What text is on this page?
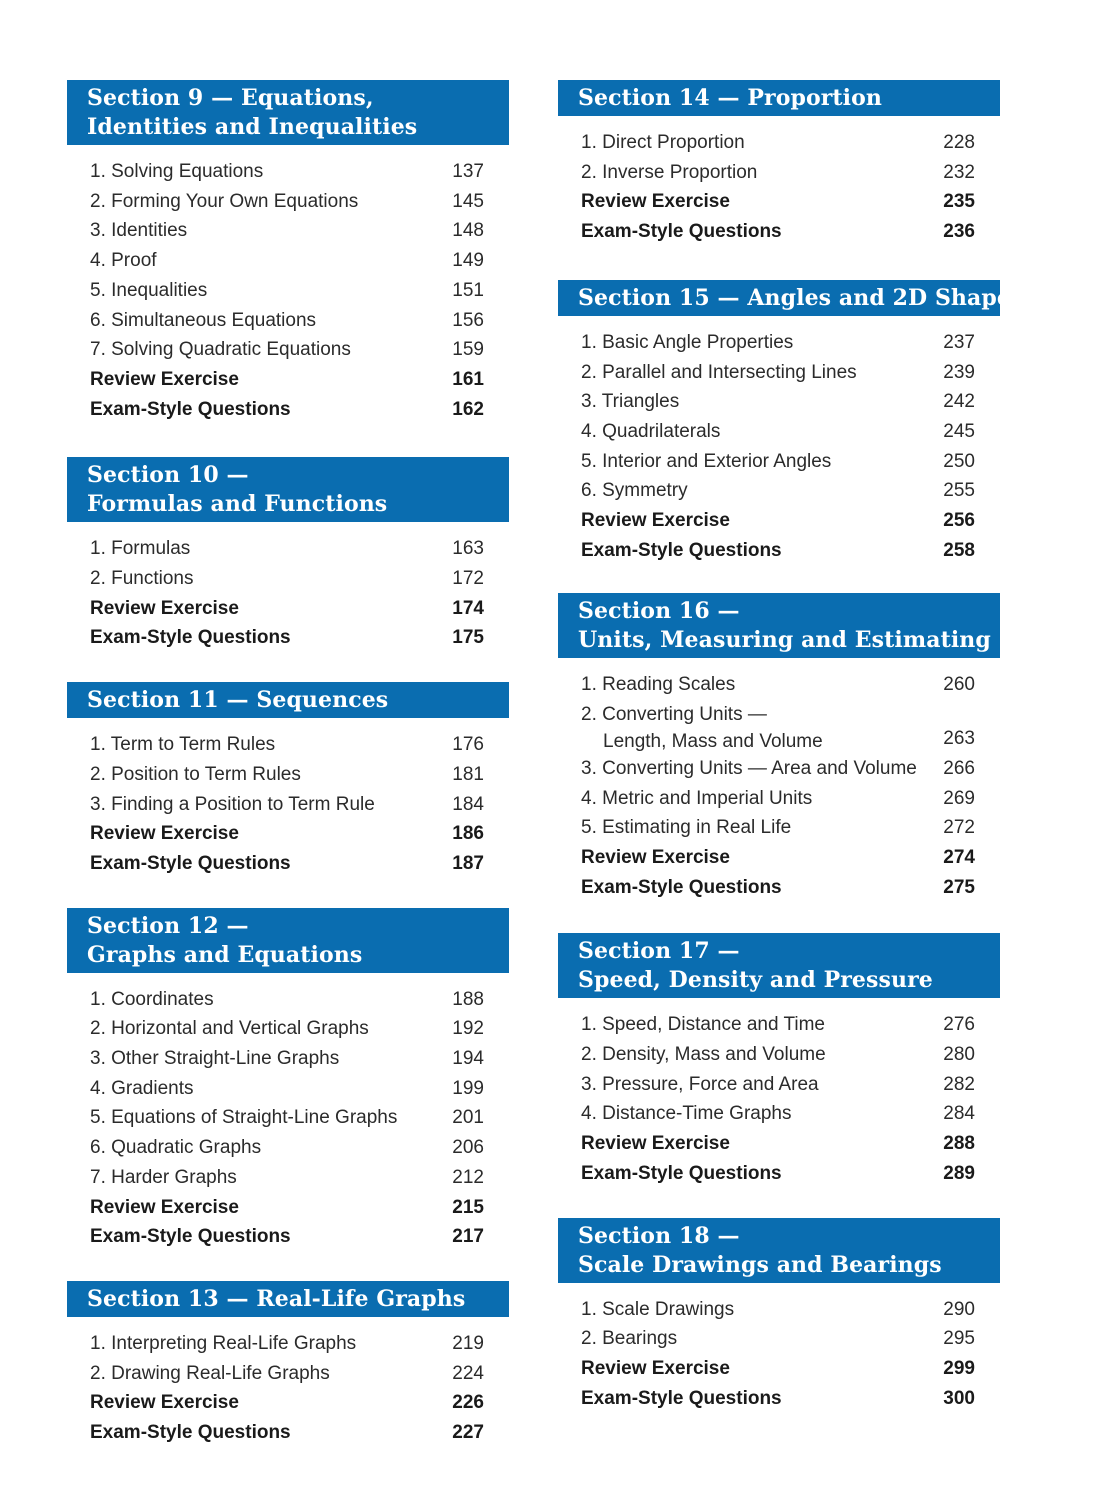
Section 9 — Equations,
Identities and Inequalities
1. Solving Equations	137
2. Forming Your Own Equations	145
3. Identities	148
4. Proof	149
5. Inequalities	151
6. Simultaneous Equations	156
7. Solving Quadratic Equations	159
Review Exercise	161
Exam-Style Questions	162
Section 10 —
Formulas and Functions
1. Formulas	163
2. Functions	172
Review Exercise	174
Exam-Style Questions	175
Section 11 — Sequences
1. Term to Term Rules	176
2. Position to Term Rules	181
3. Finding a Position to Term Rule	184
Review Exercise	186
Exam-Style Questions	187
Section 12 —
Graphs and Equations
1. Coordinates	188
2. Horizontal and Vertical Graphs	192
3. Other Straight-Line Graphs	194
4. Gradients	199
5. Equations of Straight-Line Graphs	201
6. Quadratic Graphs	206
7. Harder Graphs	212
Review Exercise	215
Exam-Style Questions	217
Section 13 — Real-Life Graphs
1. Interpreting Real-Life Graphs	219
2. Drawing Real-Life Graphs	224
Review Exercise	226
Exam-Style Questions	227
Section 14 — Proportion
1. Direct Proportion	228
2. Inverse Proportion	232
Review Exercise	235
Exam-Style Questions	236
Section 15 — Angles and 2D Shapes
1. Basic Angle Properties	237
2. Parallel and Intersecting Lines	239
3. Triangles	242
4. Quadrilaterals	245
5. Interior and Exterior Angles	250
6. Symmetry	255
Review Exercise	256
Exam-Style Questions	258
Section 16 —
Units, Measuring and Estimating
1. Reading Scales	260
2. Converting Units —
Length, Mass and Volume	263
3. Converting Units — Area and Volume 266
4. Metric and Imperial Units	269
5. Estimating in Real Life	272
Review Exercise	274
Exam-Style Questions	275
Section 17 —
Speed, Density and Pressure
1. Speed, Distance and Time	276
2. Density, Mass and Volume	280
3. Pressure, Force and Area	282
4. Distance-Time Graphs	284
Review Exercise	288
Exam-Style Questions	289
Section 18 —
Scale Drawings and Bearings
1. Scale Drawings	290
2. Bearings	295
Review Exercise	299
Exam-Style Questions	300
